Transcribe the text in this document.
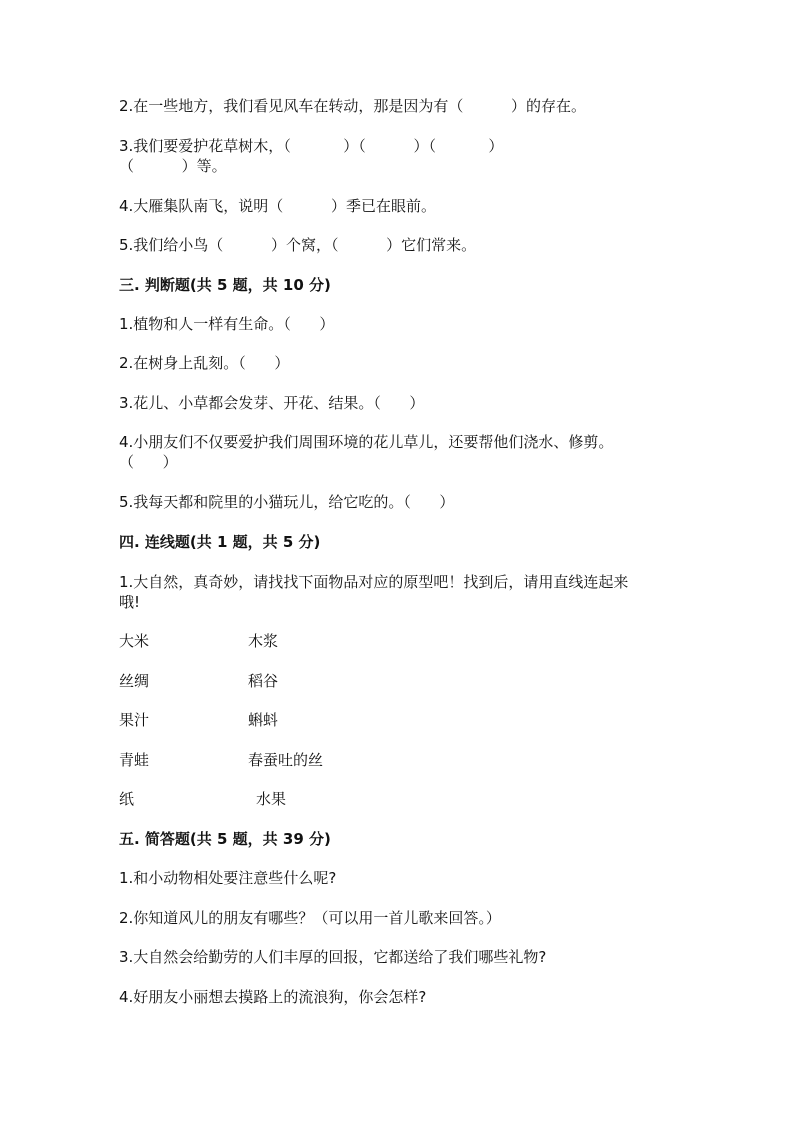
2.在一些地方，我们看见风车在转动，那是因为有（          ）的存在。

3.我们要爱护花草树木，（           ）（          ）（           ）

（          ）等。

4.大雁集队南飞，说明（          ）季已在眼前。

5.我们给小鸟（          ）个窝，（          ）它们常来。

三. 判断题(共 5 题，共 10 分)

1.植物和人一样有生命。（      ）

2.在树身上乱刻。（      ）

3.花儿、小草都会发芽、开花、结果。（      ）

4.小朋友们不仅要爱护我们周围环境的花儿草儿，还要帮他们浇水、修剪。

（      ）

5.我每天都和院里的小猫玩儿，给它吃的。（      ）

四. 连线题(共 1 题，共 5 分)

1.大自然，真奇妙，请找找下面物品对应的原型吧！找到后，请用直线连起来

哦!

大米	木浆
丝绸	稻谷
果汁	蝌蚪
青蛙	春蚕吐的丝
纸	水果

五. 简答题(共 5 题，共 39 分)

1.和小动物相处要注意些什么呢?

2.你知道风儿的朋友有哪些？（可以用一首儿歌来回答。）

3.大自然会给勤劳的人们丰厚的回报，它都送给了我们哪些礼物?

4.好朋友小丽想去摸路上的流浪狗，你会怎样?
